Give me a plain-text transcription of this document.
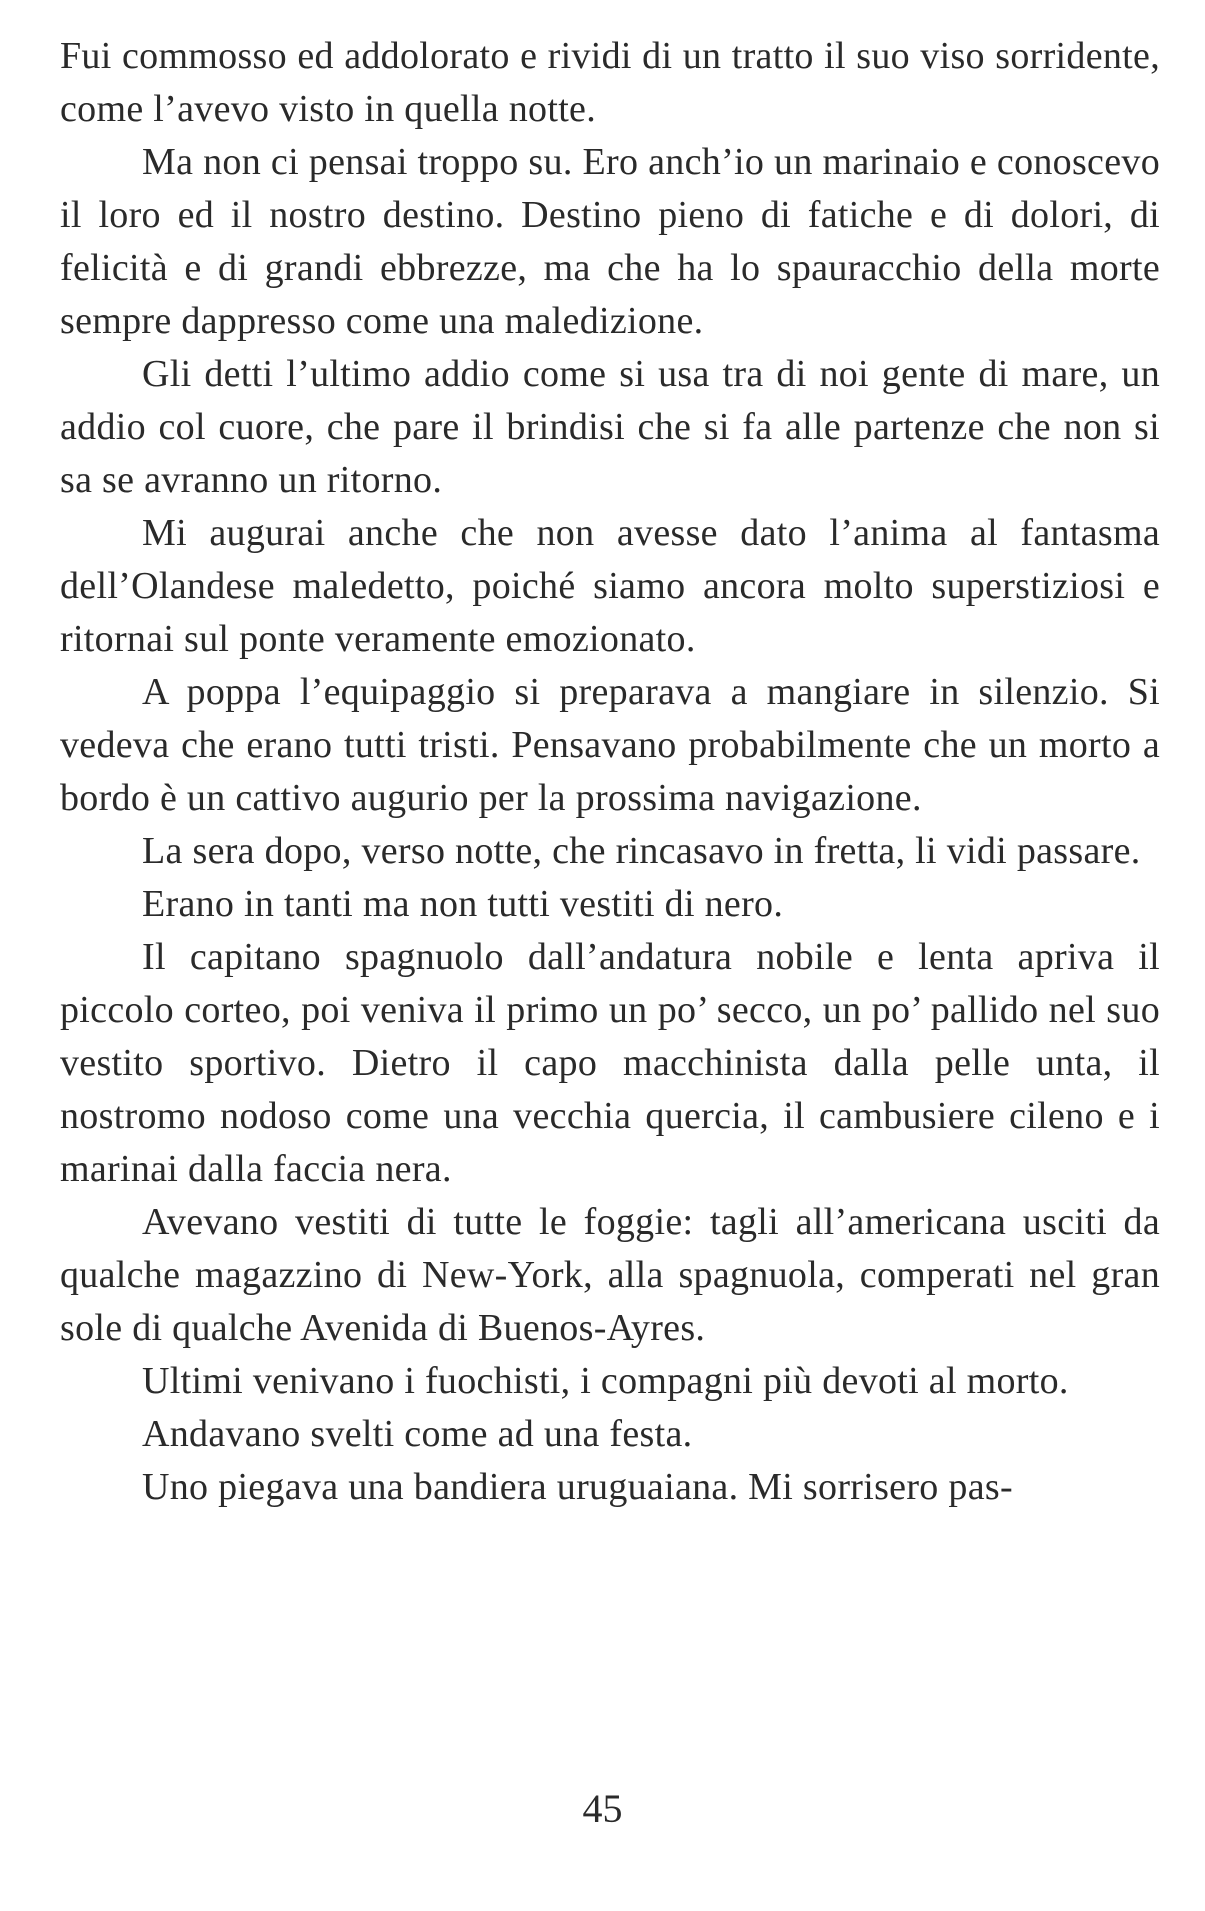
Fui commosso ed addolorato e rividi di un tratto il suo viso sorridente, come l’avevo visto in quella notte.

Ma non ci pensai troppo su. Ero anch’io un marinaio e conoscevo il loro ed il nostro destino. Destino pieno di fatiche e di dolori, di felicità e di grandi ebbrezze, ma che ha lo spauracchio della morte sempre dappresso come una maledizione.

Gli detti l’ultimo addio come si usa tra di noi gente di mare, un addio col cuore, che pare il brindisi che si fa alle partenze che non si sa se avranno un ritorno.

Mi augurai anche che non avesse dato l’anima al fantasma dell’Olandese maledetto, poiché siamo ancora molto superstiziosi e ritornai sul ponte veramente emozionato.

A poppa l’equipaggio si preparava a mangiare in silenzio. Si vedeva che erano tutti tristi. Pensavano probabilmente che un morto a bordo è un cattivo augurio per la prossima navigazione.

La sera dopo, verso notte, che rincasavo in fretta, li vidi passare.

Erano in tanti ma non tutti vestiti di nero.

Il capitano spagnuolo dall’andatura nobile e lenta apriva il piccolo corteo, poi veniva il primo un po’ secco, un po’ pallido nel suo vestito sportivo. Dietro il capo macchinista dalla pelle unta, il nostromo nodoso come una vecchia quercia, il cambusiere cileno e i marinai dalla faccia nera.

Avevano vestiti di tutte le foggie: tagli all’americana usciti da qualche magazzino di New-York, alla spagnuola, comperati nel gran sole di qualche Avenida di Buenos-Ayres.

Ultimi venivano i fuochisti, i compagni più devoti al morto.

Andavano svelti come ad una festa.

Uno piegava una bandiera uruguaiana. Mi sorrisero pas-

45
